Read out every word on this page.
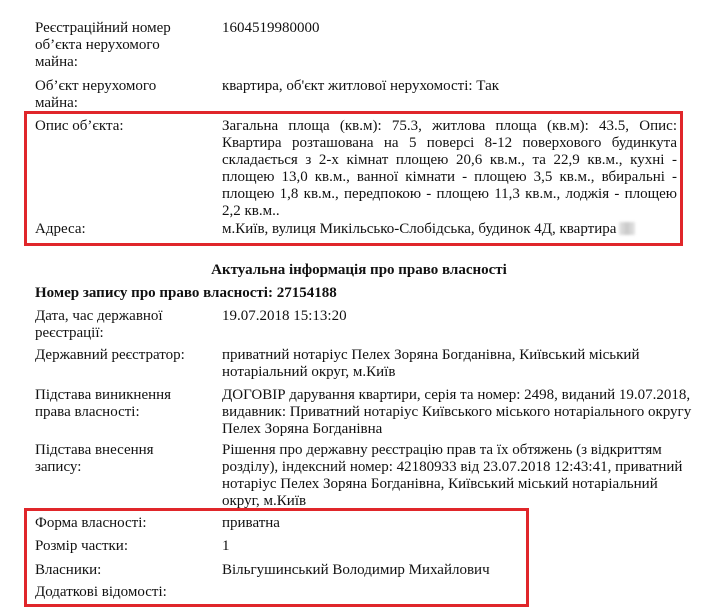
Реєстраційний номер об’єкта нерухомого майна:
1604519980000
Об’єкт нерухомого майна:
квартира, об'єкт житлової нерухомості: Так
Опис об’єкта:	Загальна площа (кв.м): 75.3, житлова площа (кв.м): 43.5, Опис: Квартира розташована на 5 поверсі 8-12 поверхового будинкута складається з 2-х кімнат площею 20,6 кв.м., та 22,9 кв.м., кухні - площею 13,0 кв.м., ванної кімнати - площею 3,5 кв.м., вбиральні - площею 1,8 кв.м., передпокою - площею 11,3 кв.м., лоджія - площею 2,2 кв.м..
Адреса:	м.Київ, вулиця Микільсько-Слобідська, будинок 4Д, квартира
Актуальна інформація про право власності
Номер запису про право власності: 27154188
Дата, час державної реєстрації:
19.07.2018 15:13:20
Державний реєстратор:	приватний нотаріус Пелех Зоряна Богданівна, Київський міський нотаріальний округ, м.Київ
Підстава виникнення права власності:
ДОГОВІР дарування квартири, серія та номер: 2498, виданий 19.07.2018, видавник: Приватний нотаріус Київського міського нотаріального округу Пелех Зоряна Богданівна
Підстава внесення запису:
Рішення про державну реєстрацію прав та їх обтяжень (з відкриттям розділу), індексний номер: 42180933 від 23.07.2018 12:43:41, приватний нотаріус Пелех Зоряна Богданівна, Київський міський нотаріальний округ, м.Київ
Форма власності:	приватна
Розмір частки:	1
Власники:	Вільгушинський Володимир Михайлович
Додаткові відомості:
